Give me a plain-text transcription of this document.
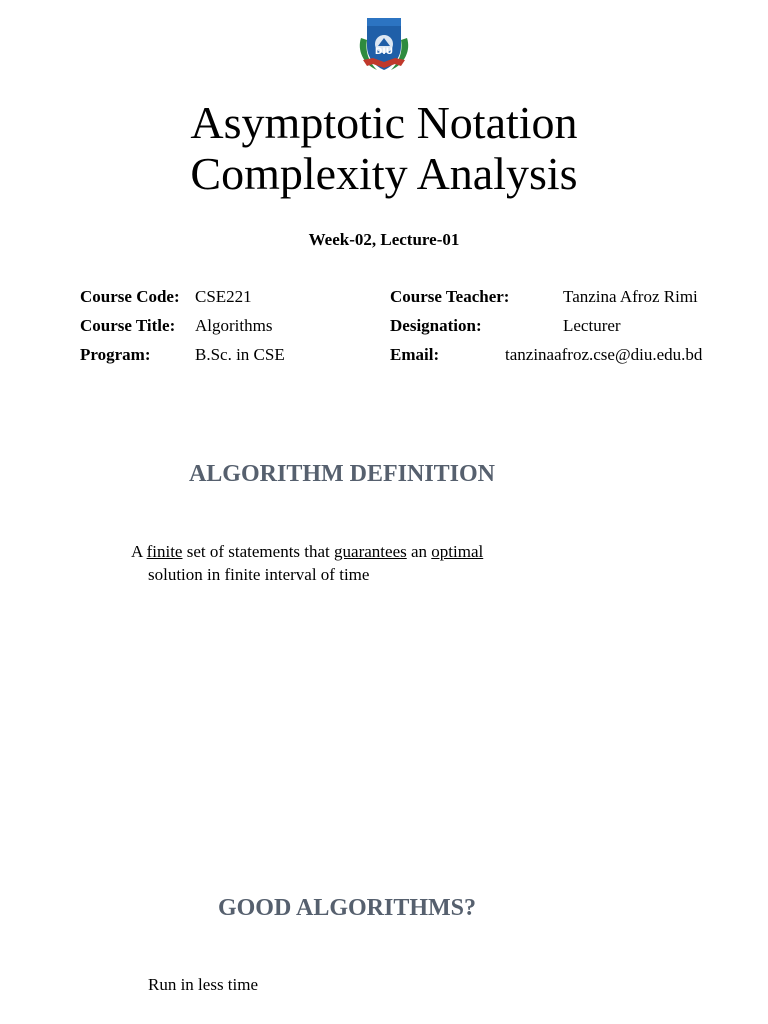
DIU
Asymptotic Notation
Complexity Analysis
Week-02, Lecture-01
Course Code: CSE221
Course Title: Algorithms
Program:	B.Sc. in CSE
Course Teacher:	Tanzina Afroz Rimi
Designation:	Lecturer
Email:	tanzinaafroz.cse@diu.edu.bd
ALGORITHM DEFINITION
A finite set of statements that guarantees an optimal
solution in finite interval of time
GOOD ALGORITHMS?
Run in less time
